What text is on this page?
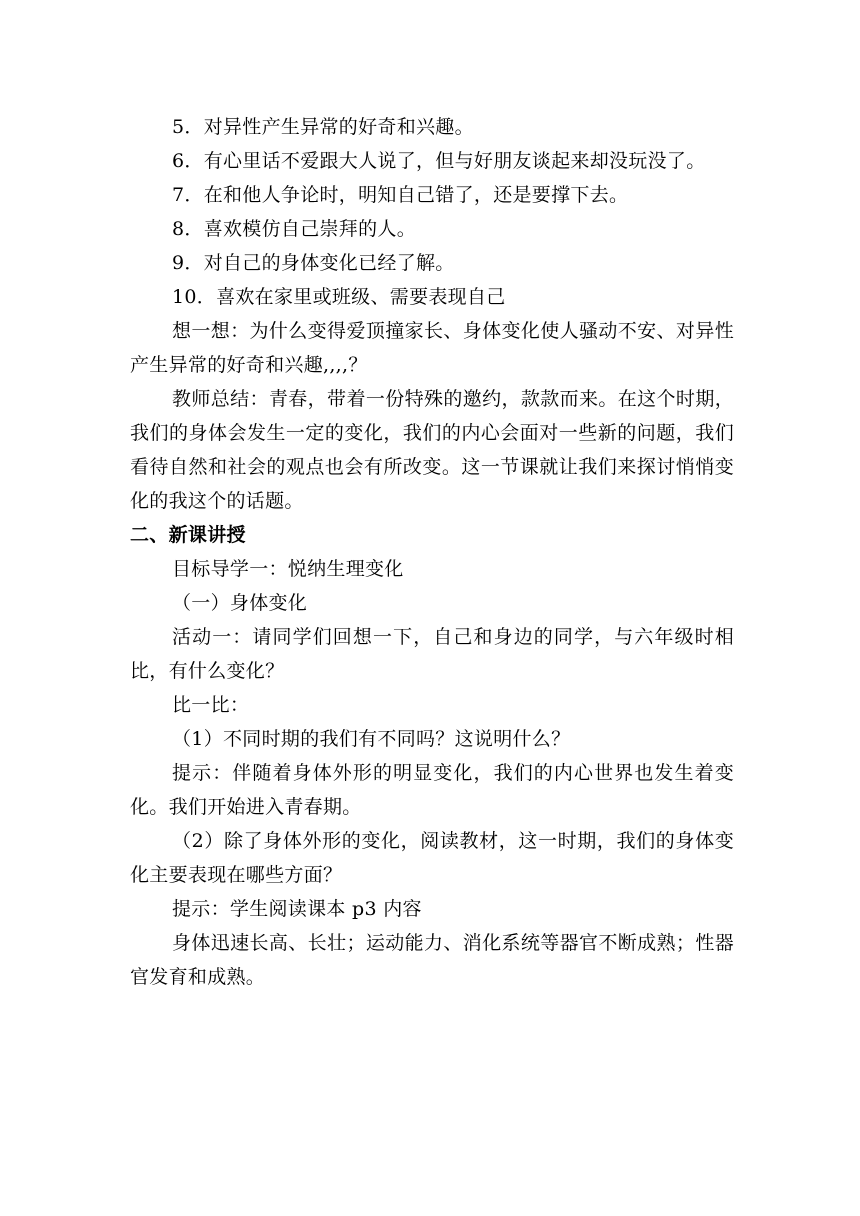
5．对异性产生异常的好奇和兴趣。

6．有心里话不爱跟大人说了，但与好朋友谈起来却没玩没了。

7．在和他人争论时，明知自己错了，还是要撑下去。

8．喜欢模仿自己崇拜的人。

9．对自己的身体变化已经了解。

10．喜欢在家里或班级、需要表现自己

想一想：为什么变得爱顶撞家长、身体变化使人骚动不安、对异性产生异常的好奇和兴趣,,,,？

教师总结：青春，带着一份特殊的邀约，款款而来。在这个时期，我们的身体会发生一定的变化，我们的内心会面对一些新的问题，我们看待自然和社会的观点也会有所改变。这一节课就让我们来探讨悄悄变化的我这个的话题。

二、新课讲授

目标导学一：悦纳生理变化

（一）身体变化

活动一：请同学们回想一下，自己和身边的同学，与六年级时相比，有什么变化？

比一比：

（1）不同时期的我们有不同吗？这说明什么？

提示：伴随着身体外形的明显变化，我们的内心世界也发生着变化。我们开始进入青春期。

（2）除了身体外形的变化，阅读教材，这一时期，我们的身体变化主要表现在哪些方面？

提示：学生阅读课本 p3 内容

身体迅速长高、长壮；运动能力、消化系统等器官不断成熟；性器官发育和成熟。
